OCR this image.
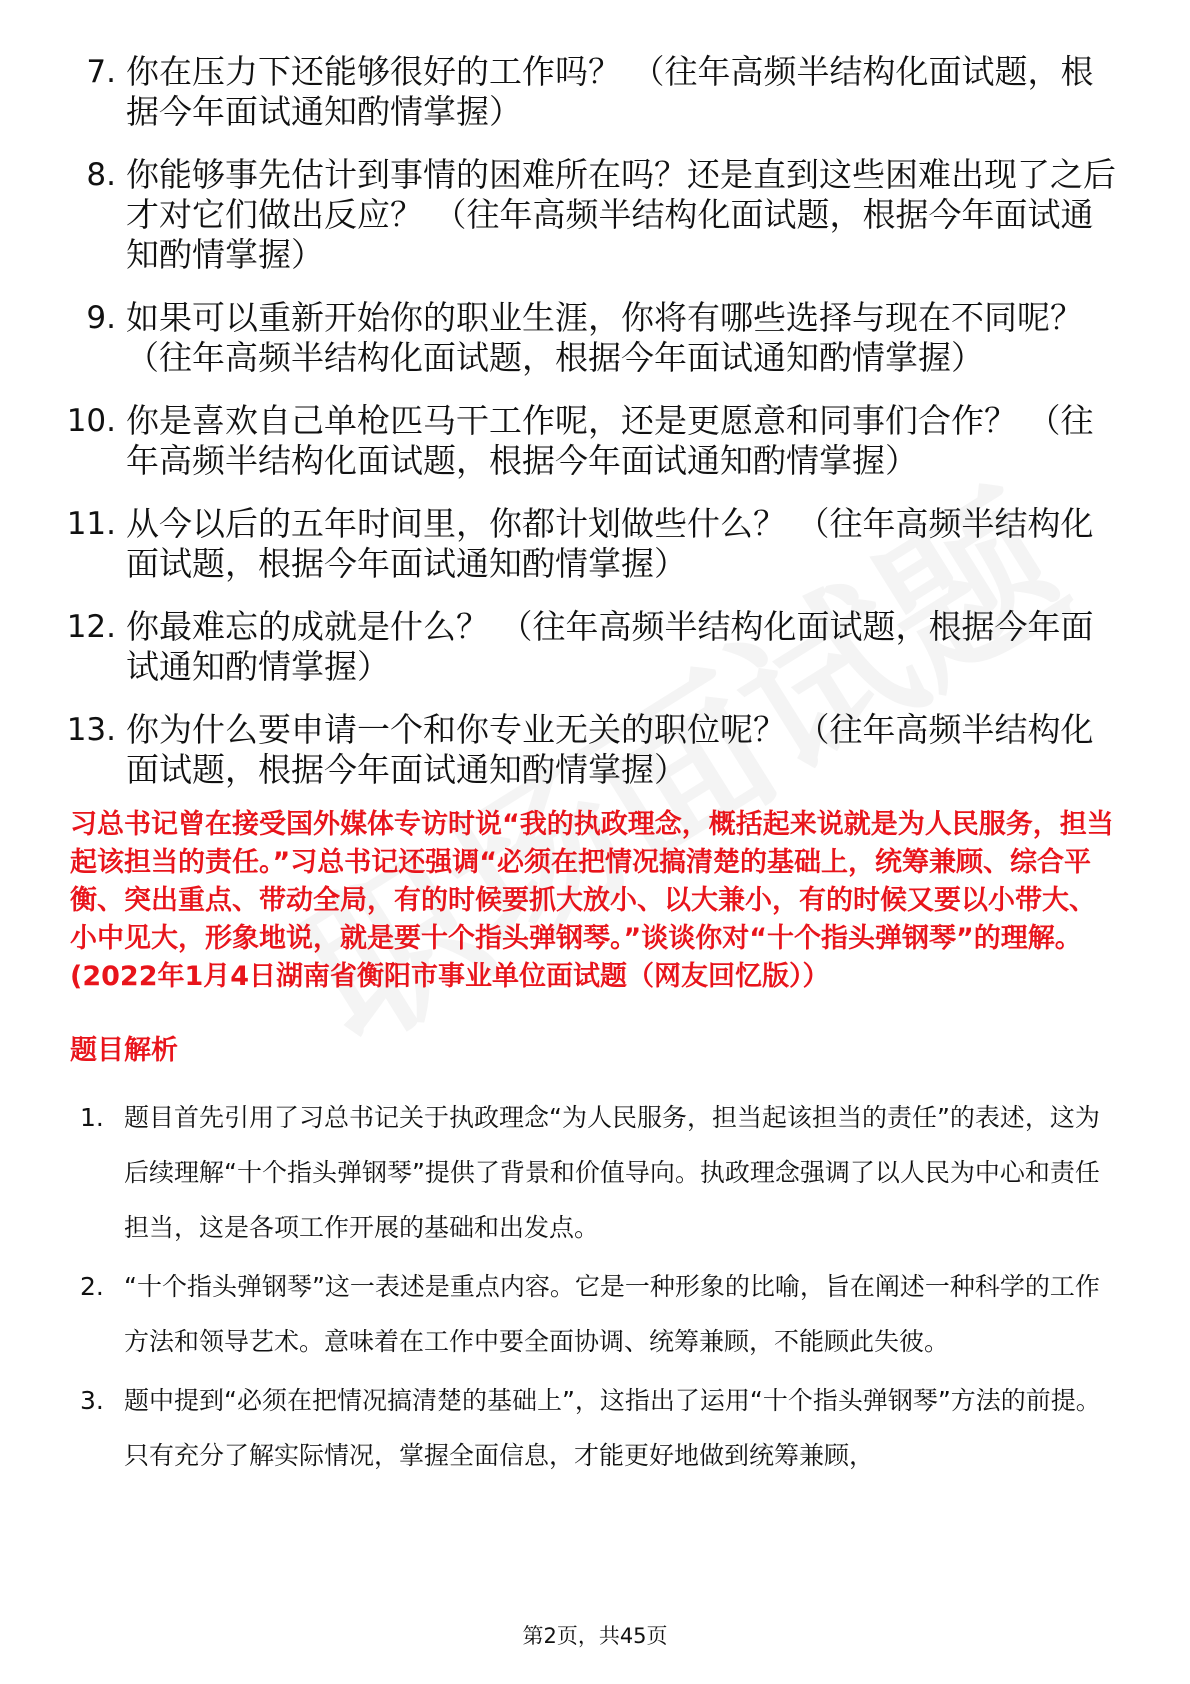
7. 你在压力下还能够很好的工作吗？ （往年高频半结构化面试题，根据今年面试通知酌情掌握）
8. 你能够事先估计到事情的困难所在吗？还是直到这些困难出现了之后才对它们做出反应？ （往年高频半结构化面试题，根据今年面试通知酌情掌握）
9. 如果可以重新开始你的职业生涯，你将有哪些选择与现在不同呢？ （往年高频半结构化面试题，根据今年面试通知酌情掌握）
10. 你是喜欢自己单枪匹马干工作呢，还是更愿意和同事们合作？ （往年高频半结构化面试题，根据今年面试通知酌情掌握）
11. 从今以后的五年时间里，你都计划做些什么？ （往年高频半结构化面试题，根据今年面试通知酌情掌握）
12. 你最难忘的成就是什么？ （往年高频半结构化面试题，根据今年面试通知酌情掌握）
13. 你为什么要申请一个和你专业无关的职位呢？ （往年高频半结构化面试题，根据今年面试通知酌情掌握）
习总书记曾在接受国外媒体专访时说“我的执政理念，概括起来说就是为人民服务，担当起该担当的责任。”习总书记还强调“必须在把情况搞清楚的基础上，统筹兼顾、综合平衡、突出重点、带动全局，有的时候要抓大放小、以大兼小，有的时候又要以小带大、小中见大，形象地说，就是要十个指头弹钢琴。”谈谈你对“十个指头弹钢琴”的理解。(2022年1月4日湖南省衡阳市事业单位面试题（网友回忆版））
题目解析
1. 题目首先引用了习总书记关于执政理念“为人民服务，担当起该担当的责任”的表述，这为后续理解“十个指头弹钢琴”提供了背景和价值导向。执政理念强调了以人民为中心和责任担当，这是各项工作开展的基础和出发点。
2. “十个指头弹钢琴”这一表述是重点内容。它是一种形象的比喻，旨在阐述一种科学的工作方法和领导艺术。意味着在工作中要全面协调、统筹兼顾，不能顾此失彼。
3. 题中提到“必须在把情况搞清楚的基础上”，这指出了运用“十个指头弹钢琴”方法的前提。只有充分了解实际情况，掌握全面信息，才能更好地做到统筹兼顾，
第2页，共45页
